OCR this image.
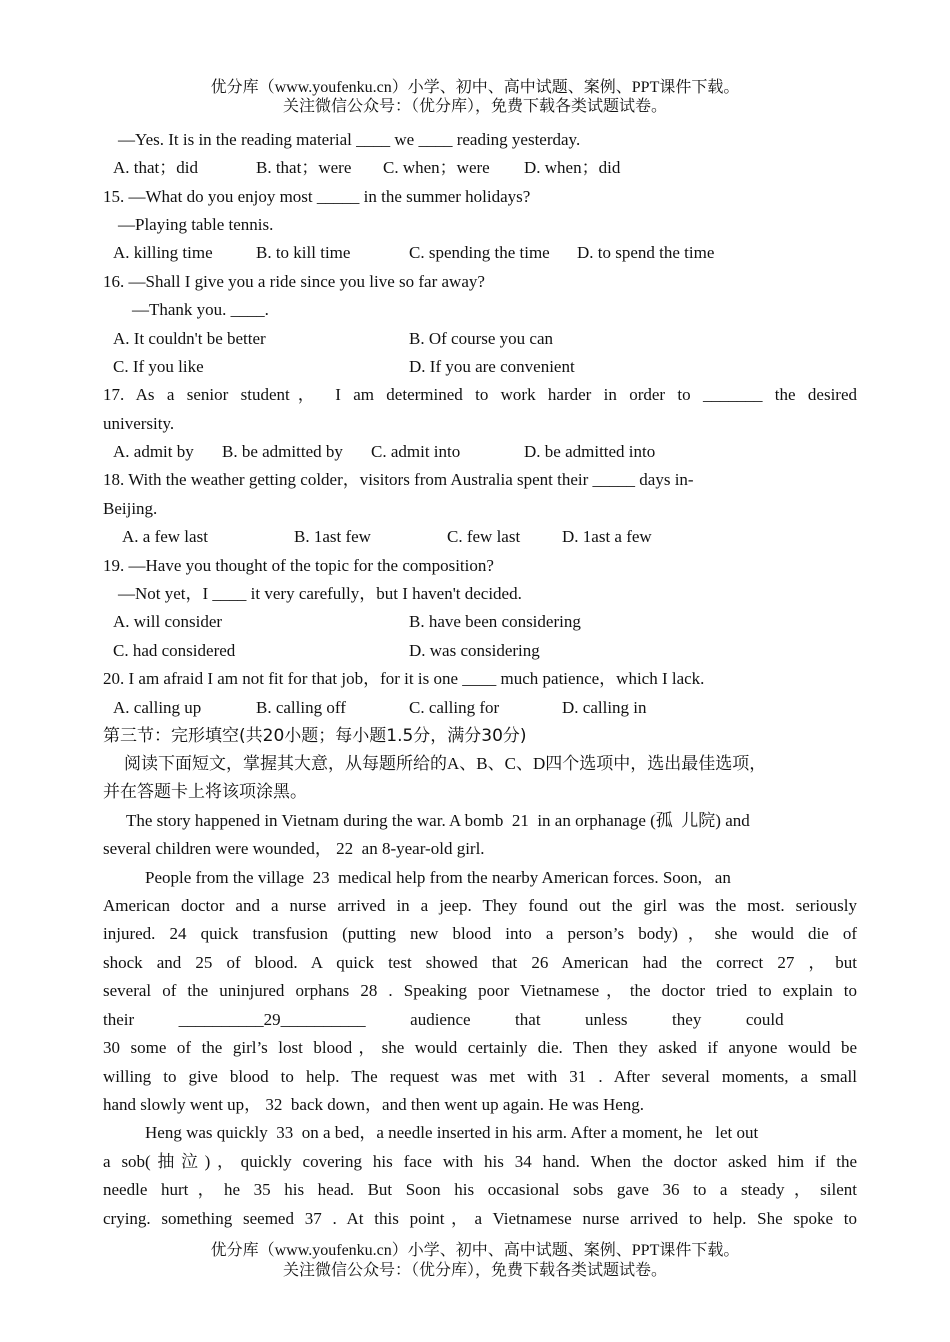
优分库（www.youfenku.cn）小学、初中、高中试题、案例、PPT课件下载。
关注微信公众号：（优分库），免费下载各类试题试卷。
—Yes. It is in the reading material ____ we ____ reading yesterday.
A. that；did	B. that；were C. when；were D. when；did
15. —What do you enjoy most _____ in the summer holidays?
—Playing table tennis.
A. killing time	B. to kill time	C. spending the time D. to spend the time
16. —Shall I give you a ride since you live so far away?
—Thank you. ____.
A. It couldn't be better	B. Of course you can
C. If you like	D. If you are convenient
17. As a senior student， I am determined to work harder in order to _______ the desired
university.
A. admit by B. be admitted by C. admit into	D. be admitted into
18. With the weather getting colder，visitors from Australia spent their _____ days in-
Beijing.
A. a few last	B. 1ast few	C. few last D. 1ast a few
19. —Have you thought of the topic for the composition?
—Not yet，I ____ it very carefully，but I haven't decided.
A. will consider	B. have been considering
C. had considered	D. was considering
20. I am afraid I am not fit for that job，for it is one ____ much patience，which I lack.
A. calling up	B. calling off	C. calling for	D. calling in
第三节：完形填空(共20小题；每小题1.5分，满分30分)
阅读下面短文，掌握其大意，从每题所给的A、B、C、D四个选项中，选出最佳选项，
并在答题卡上将该项涂黑。
The story happened in Vietnam during the war. A bomb  21  in an orphanage (孤  儿院) and
several children were wounded， 22  an 8-year-old girl.
People from the village  23  medical help from the nearby American forces. Soon,   an
American doctor and a nurse arrived in a jeep. They found out the girl was the most. seriously
injured. 24 quick transfusion (putting new blood into a person’s body)，she would die of
shock and 25 of blood. A quick test showed that 26 American had the correct 27 ，but
several of the uninjured orphans 28 . Speaking poor Vietnamese，the doctor tried to explain to
their  __________29__________  audience  that  unless  they  could
30 some of the girl’s lost blood，she would certainly die. Then they asked if anyone would be
willing to give blood to help. The request was met with 31 . After several moments, a small
hand slowly went up， 32  back down，and then went up again. He was Heng.
Heng was quickly  33  on a bed，a needle inserted in his arm. After a moment, he   let out
a sob(抽泣)，quickly covering his face with his 34 hand. When the doctor asked him if the
needle hurt，he 35 his head. But Soon his occasional sobs gave 36 to a steady，silent
crying. something seemed 37 . At this point，a Vietnamese nurse arrived to help. She spoke to
优分库（www.youfenku.cn）小学、初中、高中试题、案例、PPT课件下载。
关注微信公众号：（优分库），免费下载各类试题试卷。
